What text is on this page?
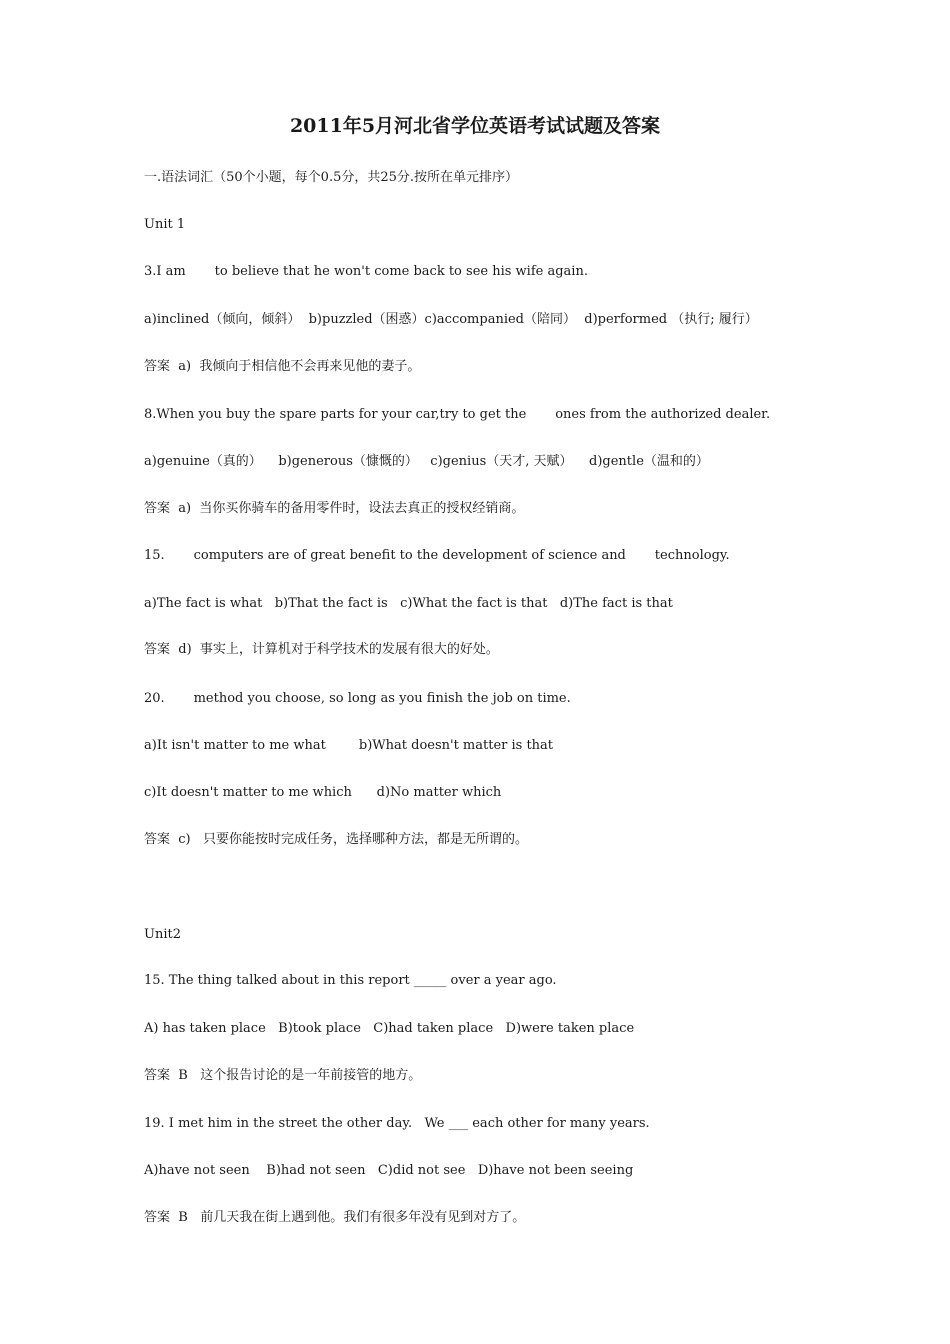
2011年5月河北省学位英语考试试题及答案
一.语法词汇（50个小题，每个0.5分，共25分.按所在单元排序）
Unit 1
3.I am       to believe that he won't come back to see his wife again.
a)inclined（倾向，倾斜）  b)puzzled（困惑）c)accompanied（陪同）  d)performed （执行; 履行）
答案  a)  我倾向于相信他不会再来见他的妻子。
8.When you buy the spare parts for your car,try to get the       ones from the authorized dealer.
a)genuine（真的）    b)generous（慷慨的）   c)genius（天才, 天赋）    d)gentle（温和的）
答案  a)  当你买你骑车的备用零件时，设法去真正的授权经销商。
15.       computers are of great benefit to the development of science and       technology.
a)The fact is what   b)That the fact is   c)What the fact is that   d)The fact is that
答案  d)  事实上，计算机对于科学技术的发展有很大的好处。
20.       method you choose, so long as you finish the job on time.
a)It isn't matter to me what        b)What doesn't matter is that
c)It doesn't matter to me which      d)No matter which
答案  c)   只要你能按时完成任务，选择哪种方法，都是无所谓的。
Unit2
15. The thing talked about in this report _____ over a year ago.
A) has taken place   B)took place   C)had taken place   D)were taken place
答案  B   这个报告讨论的是一年前接管的地方。
19. I met him in the street the other day.   We ___ each other for many years.
A)have not seen    B)had not seen   C)did not see   D)have not been seeing
答案  B   前几天我在街上遇到他。我们有很多年没有见到对方了。
